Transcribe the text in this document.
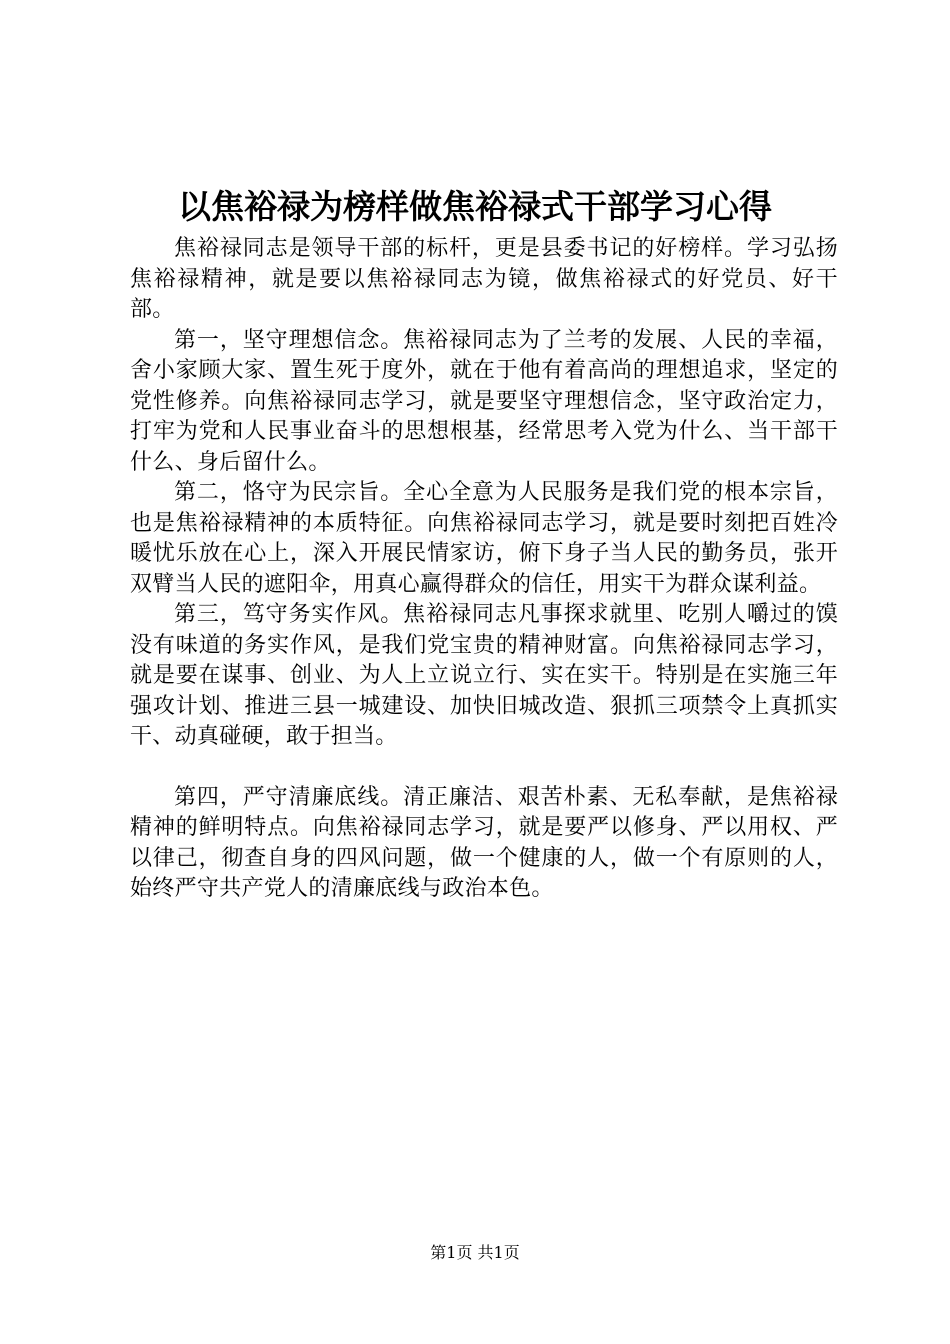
以焦裕禄为榜样做焦裕禄式干部学习心得

焦裕禄同志是领导干部的标杆，更是县委书记的好榜样。学习弘扬焦裕禄精神，就是要以焦裕禄同志为镜，做焦裕禄式的好党员、好干部。

第一，坚守理想信念。焦裕禄同志为了兰考的发展、人民的幸福，舍小家顾大家、置生死于度外，就在于他有着高尚的理想追求，坚定的党性修养。向焦裕禄同志学习，就是要坚守理想信念，坚守政治定力，打牢为党和人民事业奋斗的思想根基，经常思考入党为什么、当干部干什么、身后留什么。

第二，恪守为民宗旨。全心全意为人民服务是我们党的根本宗旨，也是焦裕禄精神的本质特征。向焦裕禄同志学习，就是要时刻把百姓冷暖忧乐放在心上，深入开展民情家访，俯下身子当人民的勤务员，张开双臂当人民的遮阳伞，用真心赢得群众的信任，用实干为群众谋利益。

第三，笃守务实作风。焦裕禄同志凡事探求就里、吃别人嚼过的馍没有味道的务实作风，是我们党宝贵的精神财富。向焦裕禄同志学习，就是要在谋事、创业、为人上立说立行、实在实干。特别是在实施三年强攻计划、推进三县一城建设、加快旧城改造、狠抓三项禁令上真抓实干、动真碰硬，敢于担当。

第四，严守清廉底线。清正廉洁、艰苦朴素、无私奉献，是焦裕禄精神的鲜明特点。向焦裕禄同志学习，就是要严以修身、严以用权、严以律己，彻查自身的四风问题，做一个健康的人，做一个有原则的人，始终严守共产党人的清廉底线与政治本色。

第1页 共1页
